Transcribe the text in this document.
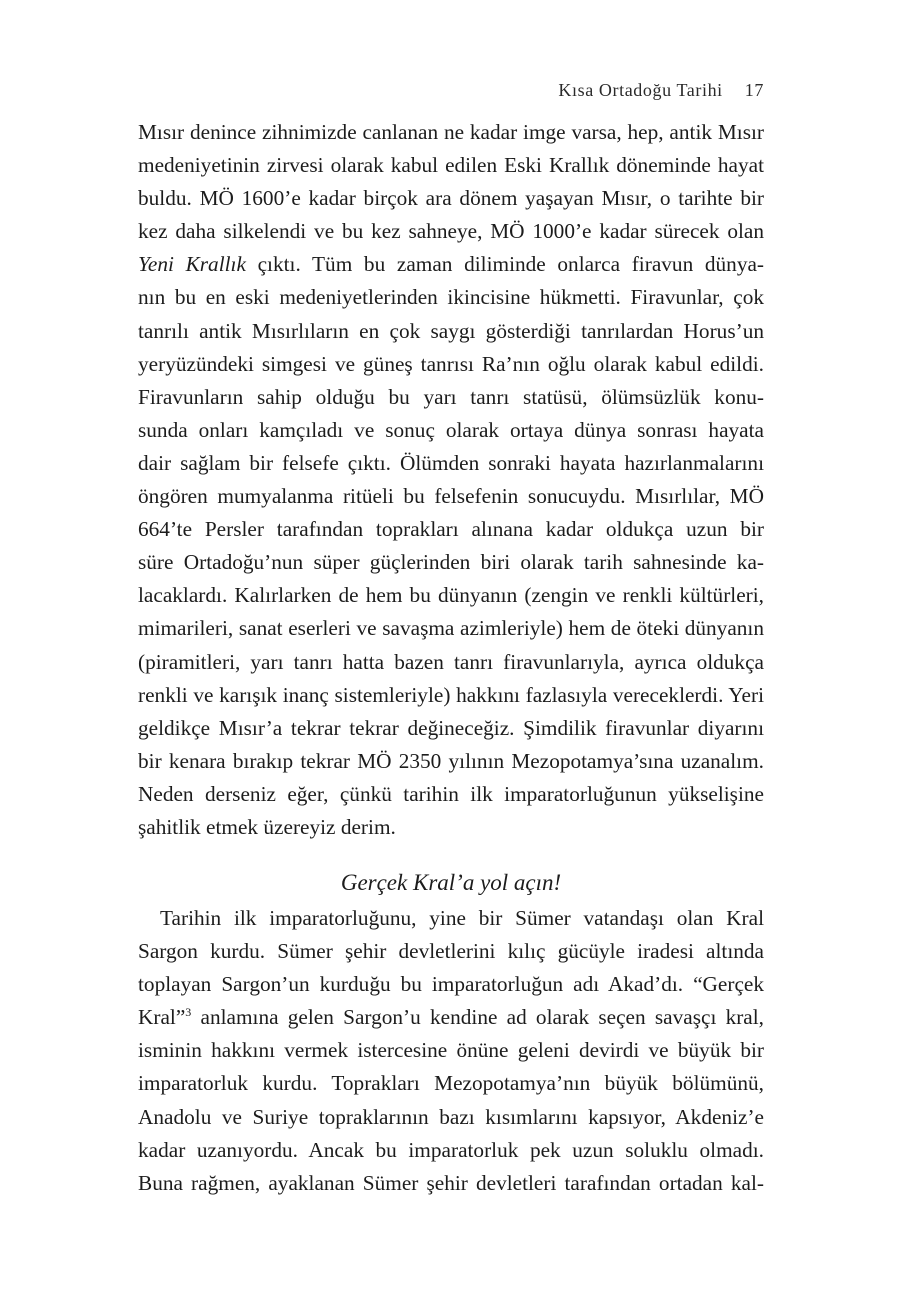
Kısa Ortadoğu Tarihi 17
Mısır denince zihnimizde canlanan ne kadar imge varsa, hep, antik Mısır
medeniyetinin zirvesi olarak kabul edilen Eski Krallık döneminde hayat
buldu. MÖ 1600’e kadar birçok ara dönem yaşayan Mısır, o tarihte bir
kez daha silkelendi ve bu kez sahneye, MÖ 1000’e kadar sürecek olan
Yeni Krallık çıktı. Tüm bu zaman diliminde onlarca firavun dünya-
nın bu en eski medeniyetlerinden ikincisine hükmetti. Firavunlar, çok
tanrılı antik Mısırlıların en çok saygı gösterdiği tanrılardan Horus’un
yeryüzündeki simgesi ve güneş tanrısı Ra’nın oğlu olarak kabul edildi.
Firavunların sahip olduğu bu yarı tanrı statüsü, ölümsüzlük konu-
sunda onları kamçıladı ve sonuç olarak ortaya dünya sonrası hayata
dair sağlam bir felsefe çıktı. Ölümden sonraki hayata hazırlanmalarını
öngören mumyalanma ritüeli bu felsefenin sonucuydu. Mısırlılar, MÖ
664’te Persler tarafından toprakları alınana kadar oldukça uzun bir
süre Ortadoğu’nun süper güçlerinden biri olarak tarih sahnesinde ka-
lacaklardı. Kalırlarken de hem bu dünyanın (zengin ve renkli kültürleri,
mimarileri, sanat eserleri ve savaşma azimleriyle) hem de öteki dünyanın
(piramitleri, yarı tanrı hatta bazen tanrı firavunlarıyla, ayrıca oldukça
renkli ve karışık inanç sistemleriyle) hakkını fazlasıyla vereceklerdi. Yeri
geldikçe Mısır’a tekrar tekrar değineceğiz. Şimdilik firavunlar diyarını
bir kenara bırakıp tekrar MÖ 2350 yılının Mezopotamya’sına uzanalım.
Neden derseniz eğer, çünkü tarihin ilk imparatorluğunun yükselişine
şahitlik etmek üzereyiz derim.
Gerçek Kral’a yol açın!
Tarihin ilk imparatorluğunu, yine bir Sümer vatandaşı olan Kral
Sargon kurdu. Sümer şehir devletlerini kılıç gücüyle iradesi altında
toplayan Sargon’un kurduğu bu imparatorluğun adı Akad’dı. “Gerçek
Kral”$^3$ anlamına gelen Sargon’u kendine ad olarak seçen savaşçı kral,
isminin hakkını vermek istercesine önüne geleni devirdi ve büyük bir
imparatorluk kurdu. Toprakları Mezopotamya’nın büyük bölümünü,
Anadolu ve Suriye topraklarının bazı kısımlarını kapsıyor, Akdeniz’e
kadar uzanıyordu. Ancak bu imparatorluk pek uzun soluklu olmadı.
Buna rağmen, ayaklanan Sümer şehir devletleri tarafından ortadan kal-
